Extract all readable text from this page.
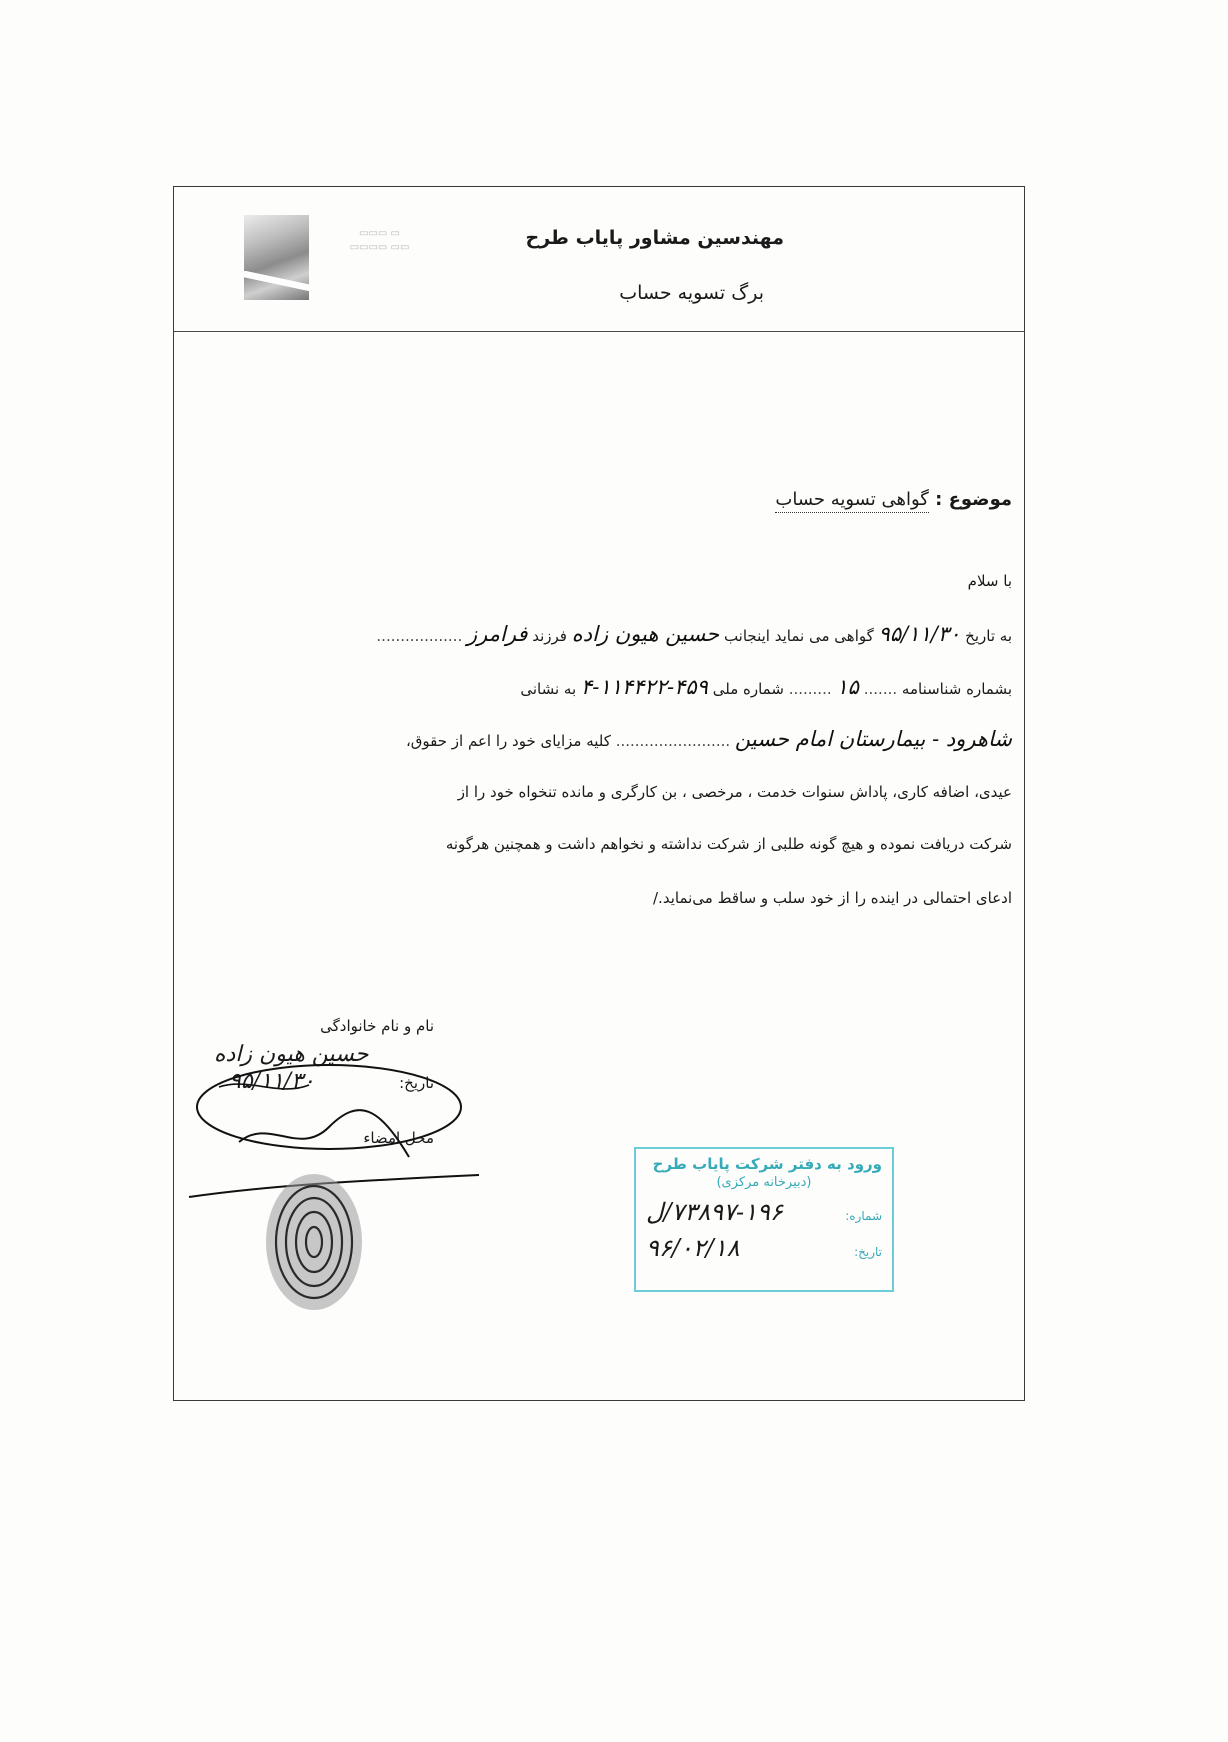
▭▭▭ ▭
▭▭▭▭ ▭▭	مهندسین مشاور پایاب طرح
برگ تسویه حساب
موضوع : گواهی تسویه حساب
با سلام
به تاریخ ۹۵/۱۱/۳۰ گواهی می نماید اینجانب حسین هیون زاده فرزند فرامرز ..................
بشماره شناسنامه ....... ۱۵ ......... شماره ملی ۴۵۹-۱۱۴۴۲۲-۴ به نشانی
شاهرود - بیمارستان امام حسین ........................ کلیه مزایای خود را اعم از حقوق،
عیدی، اضافه کاری، پاداش سنوات خدمت ، مرخصی ، بن کارگری و مانده تنخواه خود را از
شرکت دریافت نموده و هیچ گونه طلبی از شرکت نداشته و نخواهم داشت و همچنین هرگونه
ادعای احتمالی در اینده را از خود سلب و ساقط می‌نماید./
نام و نام خانوادگی
حسین هیون زاده
تاریخ:
۹۵/۱۱/۳۰
محل امضاء
ورود به دفتر شرکت پایاب طرح
(دبیرخانه مرکزی)
شماره:
۷۳۸۹۷-۱۹۶/ل
تاریخ:
۹۶/۰۲/۱۸
